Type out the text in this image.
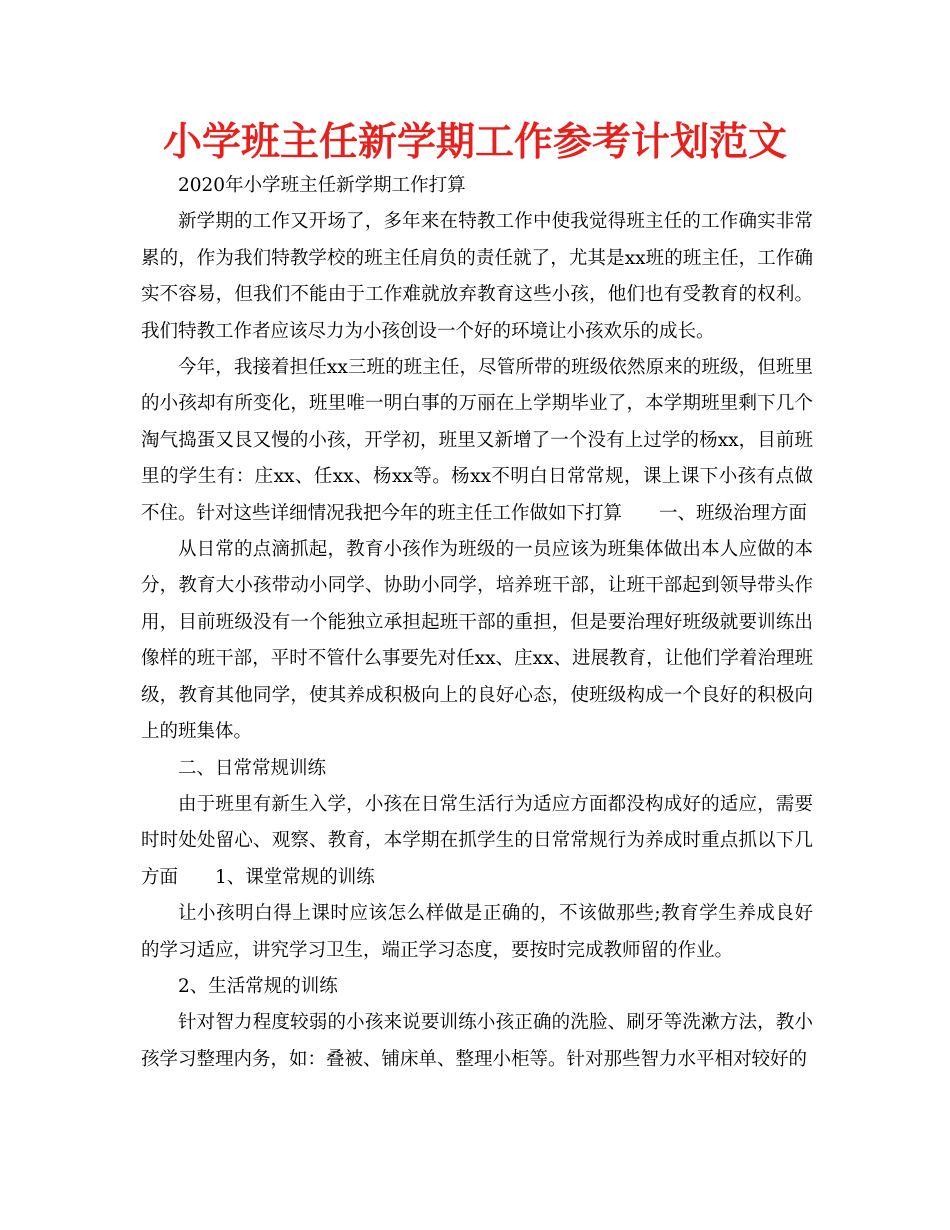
小学班主任新学期工作参考计划范文

2020年小学班主任新学期工作打算

新学期的工作又开场了，多年来在特教工作中使我觉得班主任的工作确实非常累的，作为我们特教学校的班主任肩负的责任就了，尤其是xx班的班主任，工作确实不容易，但我们不能由于工作难就放弃教育这些小孩，他们也有受教育的权利。我们特教工作者应该尽力为小孩创设一个好的环境让小孩欢乐的成长。

今年，我接着担任xx三班的班主任，尽管所带的班级依然原来的班级，但班里的小孩却有所变化，班里唯一明白事的万丽在上学期毕业了，本学期班里剩下几个淘气捣蛋又艮又慢的小孩，开学初，班里又新增了一个没有上过学的杨xx，目前班里的学生有：庄xx、任xx、杨xx等。杨xx不明白日常常规，课上课下小孩有点做不住。针对这些详细情况我把今年的班主任工作做如下打算　　一、班级治理方面

从日常的点滴抓起，教育小孩作为班级的一员应该为班集体做出本人应做的本分，教育大小孩带动小同学、协助小同学，培养班干部，让班干部起到领导带头作用，目前班级没有一个能独立承担起班干部的重担，但是要治理好班级就要训练出像样的班干部，平时不管什么事要先对任xx、庄xx、进展教育，让他们学着治理班级，教育其他同学，使其养成积极向上的良好心态，使班级构成一个良好的积极向上的班集体。

二、日常常规训练

由于班里有新生入学，小孩在日常生活行为适应方面都没构成好的适应，需要时时处处留心、观察、教育，本学期在抓学生的日常常规行为养成时重点抓以下几方面　　1、课堂常规的训练

让小孩明白得上课时应该怎么样做是正确的，不该做那些;教育学生养成良好的学习适应，讲究学习卫生，端正学习态度，要按时完成教师留的作业。

2、生活常规的训练

针对智力程度较弱的小孩来说要训练小孩正确的洗脸、刷牙等洗漱方法，教小孩学习整理内务，如：叠被、铺床单、整理小柜等。针对那些智力水平相对较好的
